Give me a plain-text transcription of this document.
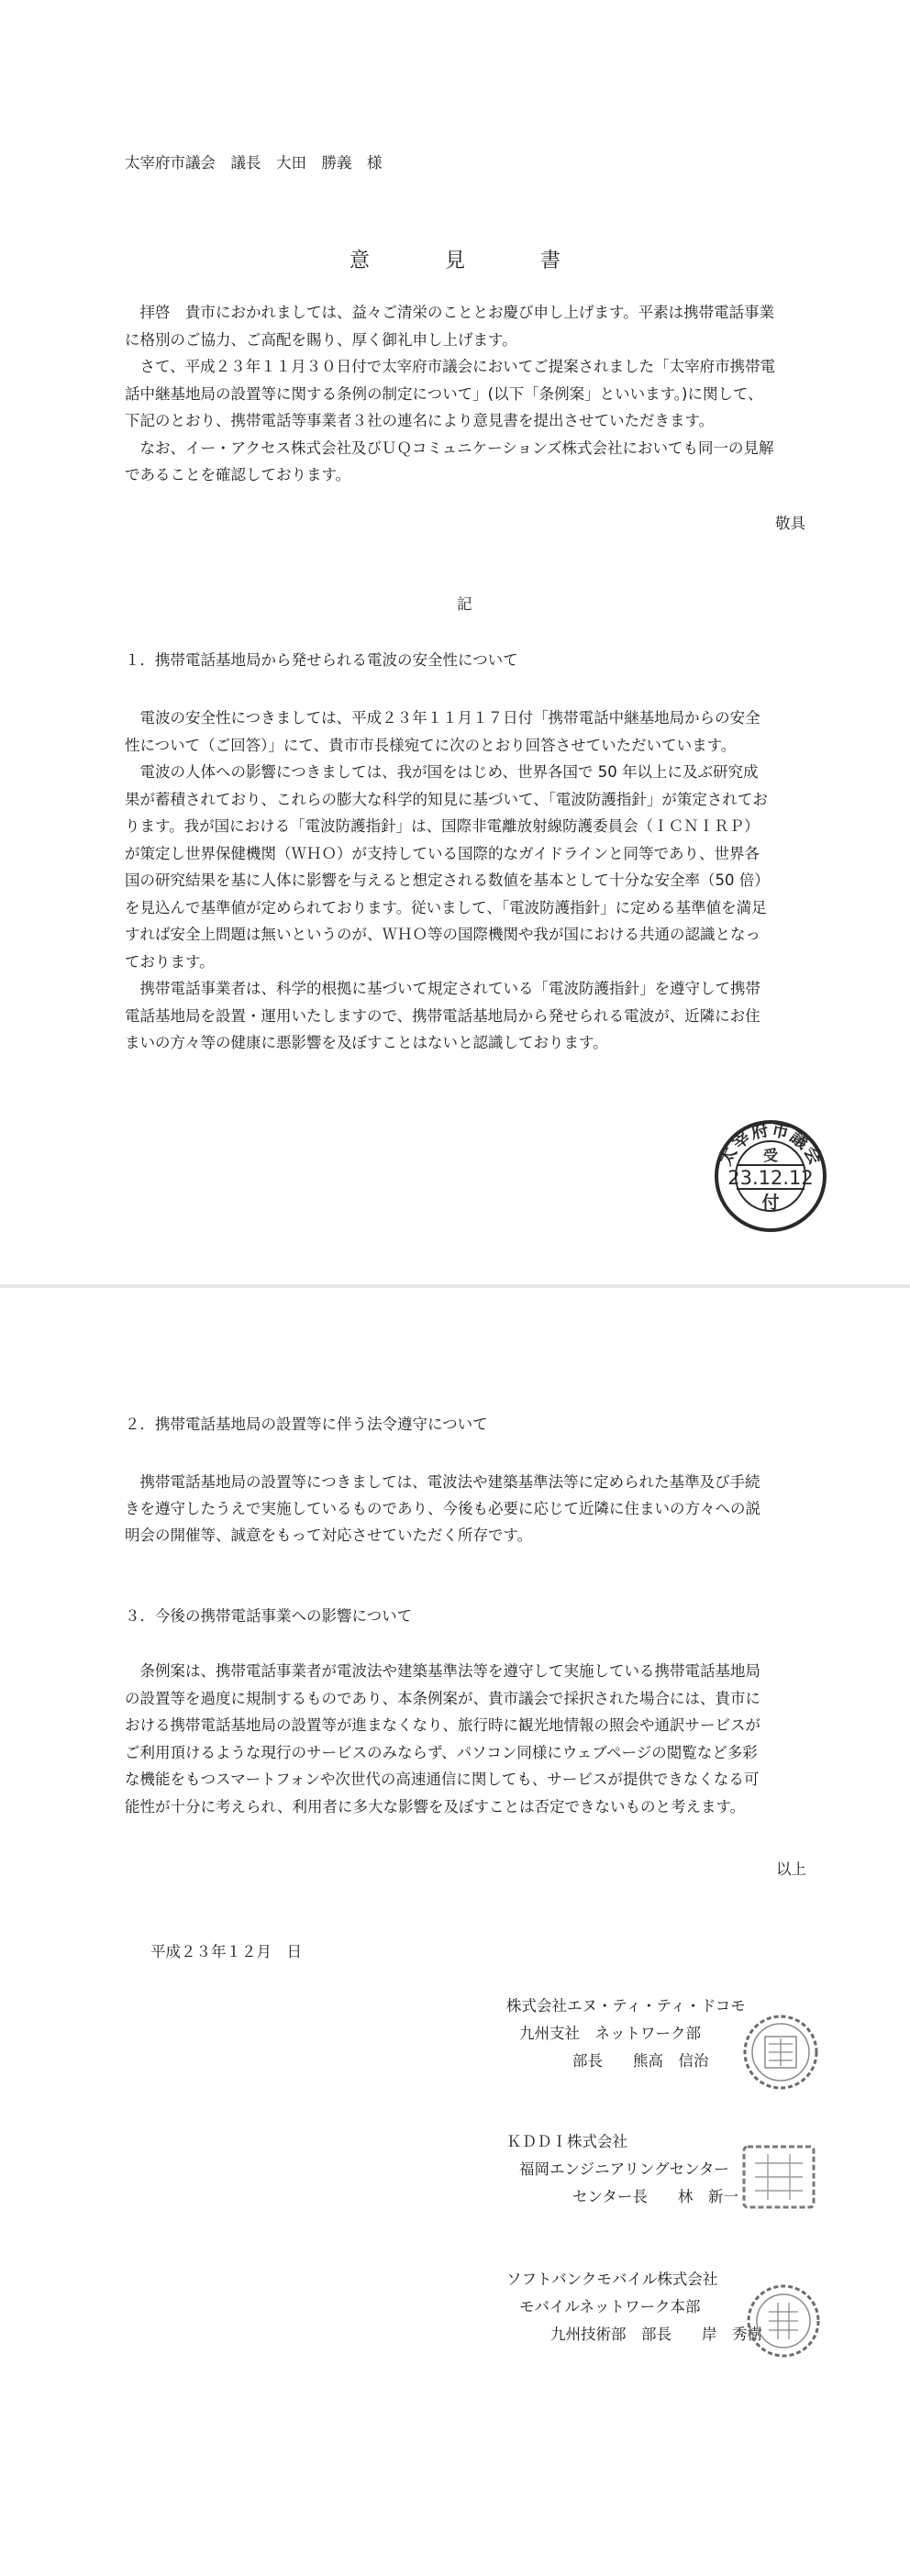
太宰府市議会　議長　大田　勝義　様
意　見　書
　拝啓　貴市におかれましては、益々ご清栄のこととお慶び申し上げます。平素は携帯電話事業
に格別のご協力、ご高配を賜り、厚く御礼申し上げます。
　さて、平成２３年１１月３０日付で太宰府市議会においてご提案されました「太宰府市携帯電
話中継基地局の設置等に関する条例の制定について」(以下「条例案」といいます。)に関して、
下記のとおり、携帯電話等事業者３社の連名により意見書を提出させていただきます。
　なお、イー・アクセス株式会社及びＵＱコミュニケーションズ株式会社においても同一の見解
であることを確認しております。
敬具
記
１．携帯電話基地局から発せられる電波の安全性について
　電波の安全性につきましては、平成２３年１１月１７日付「携帯電話中継基地局からの安全
性について（ご回答）」にて、貴市市長様宛てに次のとおり回答させていただいています。
　電波の人体への影響につきましては、我が国をはじめ、世界各国で 50 年以上に及ぶ研究成
果が蓄積されており、これらの膨大な科学的知見に基づいて、「電波防護指針」が策定されてお
ります。我が国における「電波防護指針」は、国際非電離放射線防護委員会（ＩＣＮＩＲＰ）
が策定し世界保健機関（ＷＨＯ）が支持している国際的なガイドラインと同等であり、世界各
国の研究結果を基に人体に影響を与えると想定される数値を基本として十分な安全率（50 倍）
を見込んで基準値が定められております。従いまして、「電波防護指針」に定める基準値を満足
すれば安全上問題は無いというのが、ＷＨＯ等の国際機関や我が国における共通の認識となっ
ております。
　携帯電話事業者は、科学的根拠に基づいて規定されている「電波防護指針」を遵守して携帯
電話基地局を設置・運用いたしますので、携帯電話基地局から発せられる電波が、近隣にお住
まいの方々等の健康に悪影響を及ぼすことはないと認識しております。
太宰府市議会
受
23.12.12
付
２．携帯電話基地局の設置等に伴う法令遵守について
　携帯電話基地局の設置等につきましては、電波法や建築基準法等に定められた基準及び手続
きを遵守したうえで実施しているものであり、今後も必要に応じて近隣に住まいの方々への説
明会の開催等、誠意をもって対応させていただく所存です。
３．今後の携帯電話事業への影響について
　条例案は、携帯電話事業者が電波法や建築基準法等を遵守して実施している携帯電話基地局
の設置等を過度に規制するものであり、本条例案が、貴市議会で採択された場合には、貴市に
おける携帯電話基地局の設置等が進まなくなり、旅行時に観光地情報の照会や通訳サービスが
ご利用頂けるような現行のサービスのみならず、パソコン同様にウェブページの閲覧など多彩
な機能をもつスマートフォンや次世代の高速通信に関しても、サービスが提供できなくなる可
能性が十分に考えられ、利用者に多大な影響を及ぼすことは否定できないものと考えます。
以上
平成２３年１２月　日
株式会社エヌ・ティ・ティ・ドコモ
九州支社　ネットワーク部
部長　　熊高　信治
ＫＤＤＩ株式会社
福岡エンジニアリングセンター
センター長　　林　新一
ソフトバンクモバイル株式会社
モバイルネットワーク本部
九州技術部　部長　　岸　秀樹
